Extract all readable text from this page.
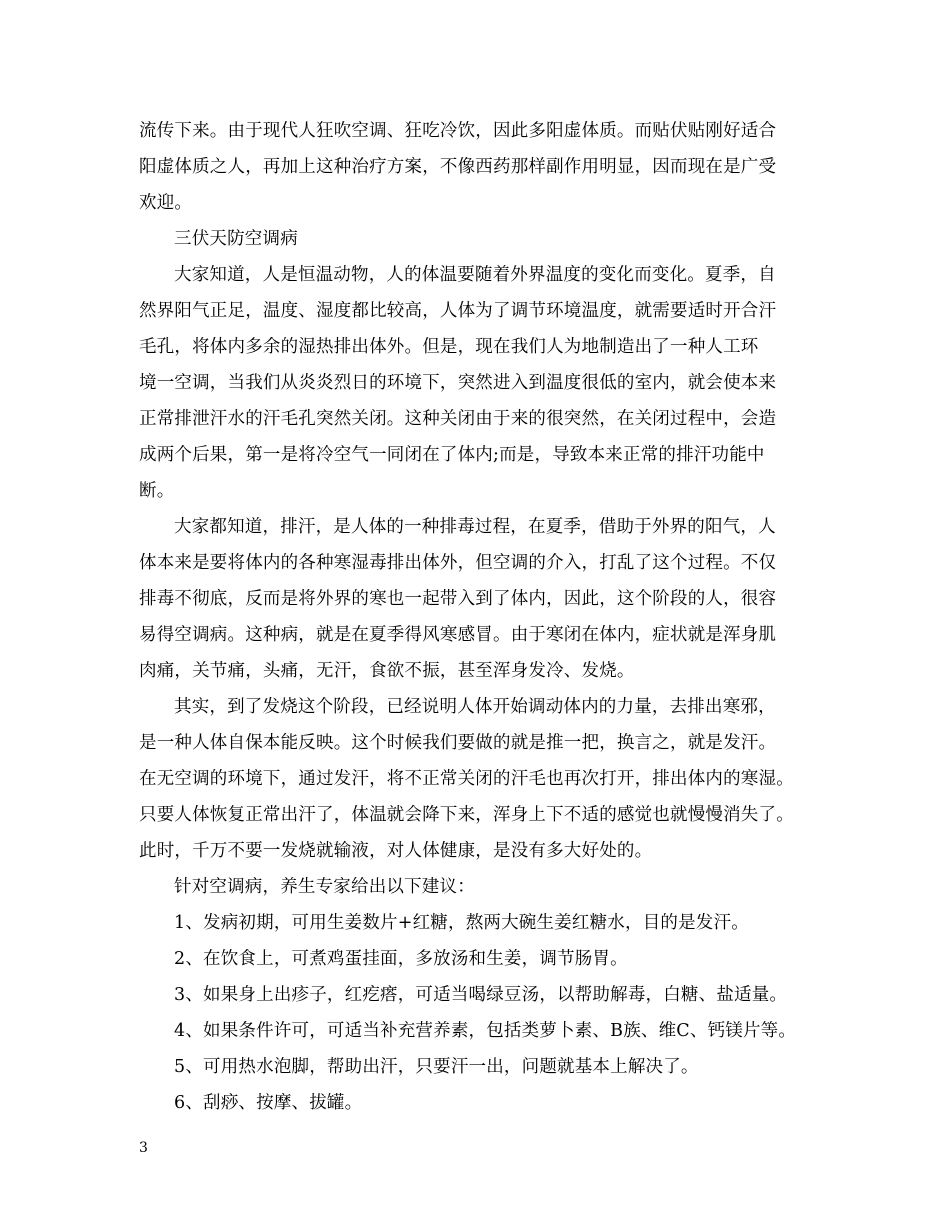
流传下来。由于现代人狂吹空调、狂吃冷饮，因此多阳虚体质。而贴伏贴刚好适合
阳虚体质之人，再加上这种治疗方案，不像西药那样副作用明显，因而现在是广受
欢迎。
三伏天防空调病
大家知道，人是恒温动物，人的体温要随着外界温度的变化而变化。夏季，自
然界阳气正足，温度、湿度都比较高，人体为了调节环境温度，就需要适时开合汗
毛孔，将体内多余的湿热排出体外。但是，现在我们人为地制造出了一种人工环
境一空调，当我们从炎炎烈日的环境下，突然进入到温度很低的室内，就会使本来
正常排泄汗水的汗毛孔突然关闭。这种关闭由于来的很突然，在关闭过程中，会造
成两个后果，第一是将冷空气一同闭在了体内;而是，导致本来正常的排汗功能中
断。
大家都知道，排汗，是人体的一种排毒过程，在夏季，借助于外界的阳气，人
体本来是要将体内的各种寒湿毒排出体外，但空调的介入，打乱了这个过程。不仅
排毒不彻底，反而是将外界的寒也一起带入到了体内，因此，这个阶段的人，很容
易得空调病。这种病，就是在夏季得风寒感冒。由于寒闭在体内，症状就是浑身肌
肉痛，关节痛，头痛，无汗，食欲不振，甚至浑身发冷、发烧。
其实，到了发烧这个阶段，已经说明人体开始调动体内的力量，去排出寒邪，
是一种人体自保本能反映。这个时候我们要做的就是推一把，换言之，就是发汗。
在无空调的环境下，通过发汗，将不正常关闭的汗毛也再次打开，排出体内的寒湿。
只要人体恢复正常出汗了，体温就会降下来，浑身上下不适的感觉也就慢慢消失了。
此时，千万不要一发烧就输液，对人体健康，是没有多大好处的。
针对空调病，养生专家给出以下建议：
1、发病初期，可用生姜数片+红糖，熬两大碗生姜红糖水，目的是发汗。
2、在饮食上，可煮鸡蛋挂面，多放汤和生姜，调节肠胃。
3、如果身上出疹子，红疙瘩，可适当喝绿豆汤，以帮助解毒，白糖、盐适量。
4、如果条件许可，可适当补充营养素，包括类萝卜素、B族、维C、钙镁片等。
5、可用热水泡脚，帮助出汗，只要汗一出，问题就基本上解决了。
6、刮痧、按摩、拔罐。
3
